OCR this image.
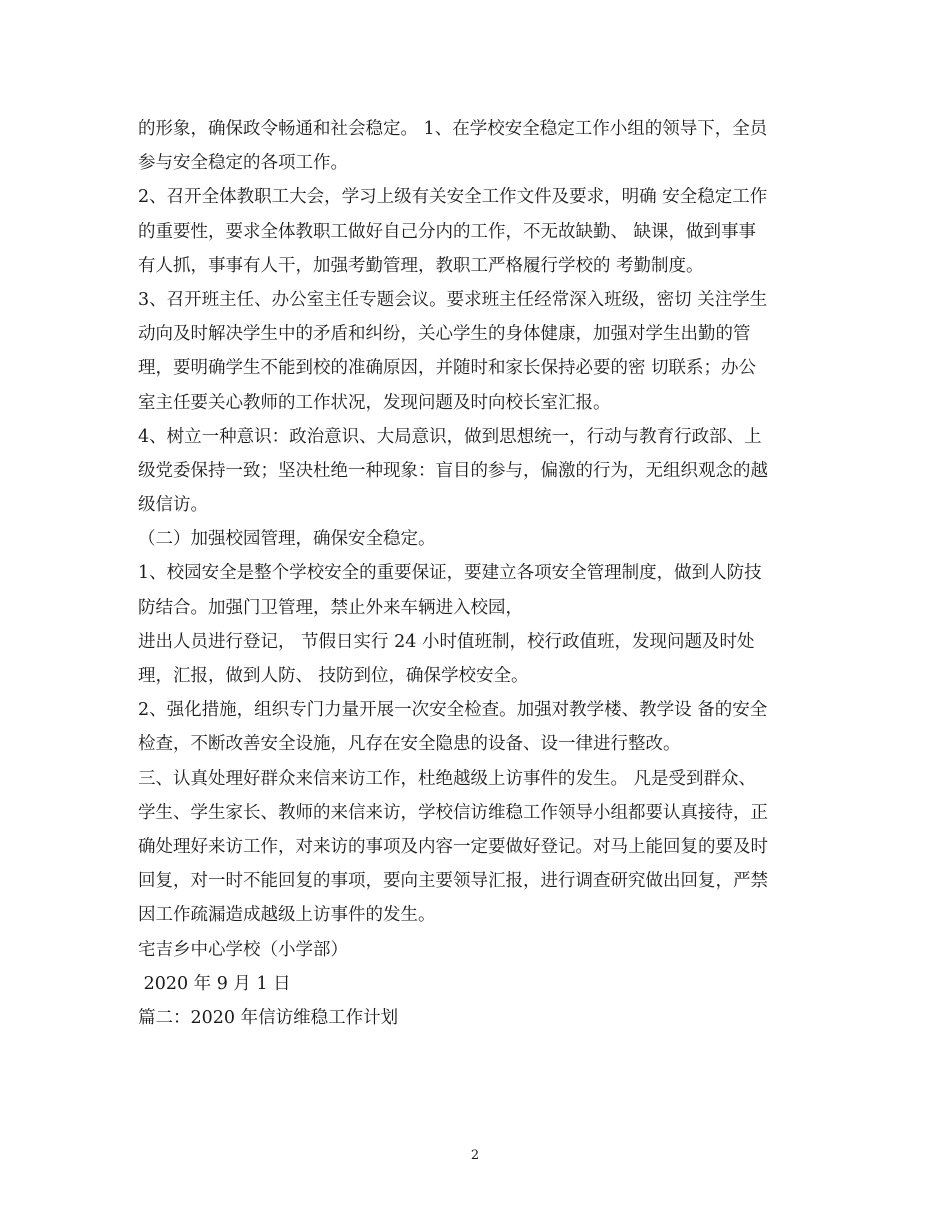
的形象，确保政令畅通和社会稳定。 1、在学校安全稳定工作小组的领导下，全员
参与安全稳定的各项工作。
2、召开全体教职工大会，学习上级有关安全工作文件及要求，明确 安全稳定工作
的重要性，要求全体教职工做好自己分内的工作，不无故缺勤、 缺课，做到事事
有人抓，事事有人干，加强考勤管理，教职工严格履行学校的 考勤制度。
3、召开班主任、办公室主任专题会议。要求班主任经常深入班级，密切 关注学生
动向及时解决学生中的矛盾和纠纷，关心学生的身体健康，加强对学生出勤的管
理，要明确学生不能到校的准确原因，并随时和家长保持必要的密 切联系；办公
室主任要关心教师的工作状况，发现问题及时向校长室汇报。
4、树立一种意识：政治意识、大局意识，做到思想统一，行动与教育行政部、上
级党委保持一致；坚决杜绝一种现象：盲目的参与，偏激的行为，无组织观念的越
级信访。
（二）加强校园管理，确保安全稳定。
1、校园安全是整个学校安全的重要保证，要建立各项安全管理制度，做到人防技
防结合。加强门卫管理，禁止外来车辆进入校园，
进出人员进行登记， 节假日实行 24 小时值班制，校行政值班，发现问题及时处
理，汇报，做到人防、 技防到位，确保学校安全。
2、强化措施，组织专门力量开展一次安全检查。加强对教学楼、教学设 备的安全
检查，不断改善安全设施，凡存在安全隐患的设备、设一律进行整改。
三、认真处理好群众来信来访工作，杜绝越级上访事件的发生。 凡是受到群众、
学生、学生家长、教师的来信来访，学校信访维稳工作领导小组都要认真接待，正
确处理好来访工作，对来访的事项及内容一定要做好登记。对马上能回复的要及时
回复，对一时不能回复的事项，要向主要领导汇报，进行调查研究做出回复，严禁
因工作疏漏造成越级上访事件的发生。
宅吉乡中心学校（小学部）
2020 年 9 月 1 日
篇二：2020 年信访维稳工作计划
2
